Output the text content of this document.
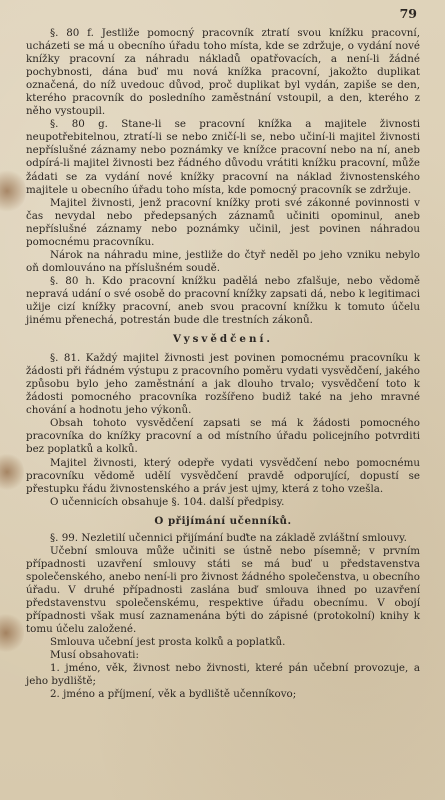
79

§. 80 f. Jestliže pomocný pracovník ztratí svou knížku pracovní, ucházeti se má u obecního úřadu toho místa, kde se zdržuje, o vydání nové knížky pracovní za náhradu nákladů opatřovacích, a není-li žádné pochybnosti, dána buď mu nová knížka pracovní, jakožto duplikat označená, do níž uvedouc důvod, proč duplikat byl vydán, zapiše se den, kterého pracovník do posledního zaměstnání vstoupil, a den, kterého z něho vystoupil.

§. 80 g. Stane-li se pracovní knížka a majitele živnosti neupotřebitelnou, ztratí-li se nebo zničí-li se, nebo učiní-li majitel živnosti nepříslušné záznamy nebo poznámky ve knížce pracovní nebo na ní, aneb odpírá-li majitel živnosti bez řádného důvodu vrátiti knížku pracovní, může žádati se za vydání nové knížky pracovní na náklad živnostenského majitele u obecního úřadu toho místa, kde pomocný pracovník se zdržuje.

Majitel živnosti, jenž pracovní knížky proti své zákonné povinnosti v čas nevydal nebo předepsaných záznamů učiniti opominul, aneb nepříslušné záznamy nebo poznámky učinil, jest povinen náhradou pomocnému pracovníku.

Nárok na náhradu mine, jestliže do čtyř neděl po jeho vzniku nebylo oň domlouváno na příslušném soudě.

§. 80 h. Kdo pracovní knížku padělá nebo zfalšuje, nebo vědomě nepravá udání o své osobě do pracovní knížky zapsati dá, nebo k legitimaci užije cizí knížky pracovní, aneb svou pracovní knížku k tomuto účelu jinému přenechá, potrestán bude dle trestních zákonů.

Vysvědčení.

§. 81. Každý majitel živnosti jest povinen pomocnému pracovníku k žádosti při řádném výstupu z pracovního poměru vydati vysvědčení, jakého způsobu bylo jeho zaměstnání a jak dlouho trvalo; vysvědčení toto k žádosti pomocného pracovníka rozšířeno budiž také na jeho mravné chování a hodnotu jeho výkonů.

Obsah tohoto vysvědčení zapsati se má k žádosti pomocného pracovníka do knížky pracovní a od místního úřadu policejního potvrditi bez poplatků a kolků.

Majitel živnosti, který odepře vydati vysvědčení nebo pomocnému pracovníku vědomě udělí vysvědčení pravdě odporující, dopustí se přestupku řádu živnostenského a práv jest ujmy, která z toho vzešla.

O učennicích obsahuje §. 104. další předpisy.

O přijímání učenníků.

§. 99. Nezletilí učennici přijímání buďte na základě zvláštní smlouvy.

Učební smlouva může učiniti se ústně nebo písemně; v prvním případnosti uzavření smlouvy státi se má buď u představenstva společenského, anebo není-li pro živnost žádného společenstva, u obecního úřadu. V druhé případnosti zaslána buď smlouva ihned po uzavření představenstvu společenskému, respektive úřadu obecnímu. V obojí případnosti však musí zaznamenána býti do zápisné (protokolní) knihy k tomu účelu založené.

Smlouva učební jest prosta kolků a poplatků.

Musí obsahovati:

1. jméno, věk, živnost nebo živnosti, které pán učební provozuje, a jeho bydliště;

2. jméno a příjmení, věk a bydliště učenníkovo;
